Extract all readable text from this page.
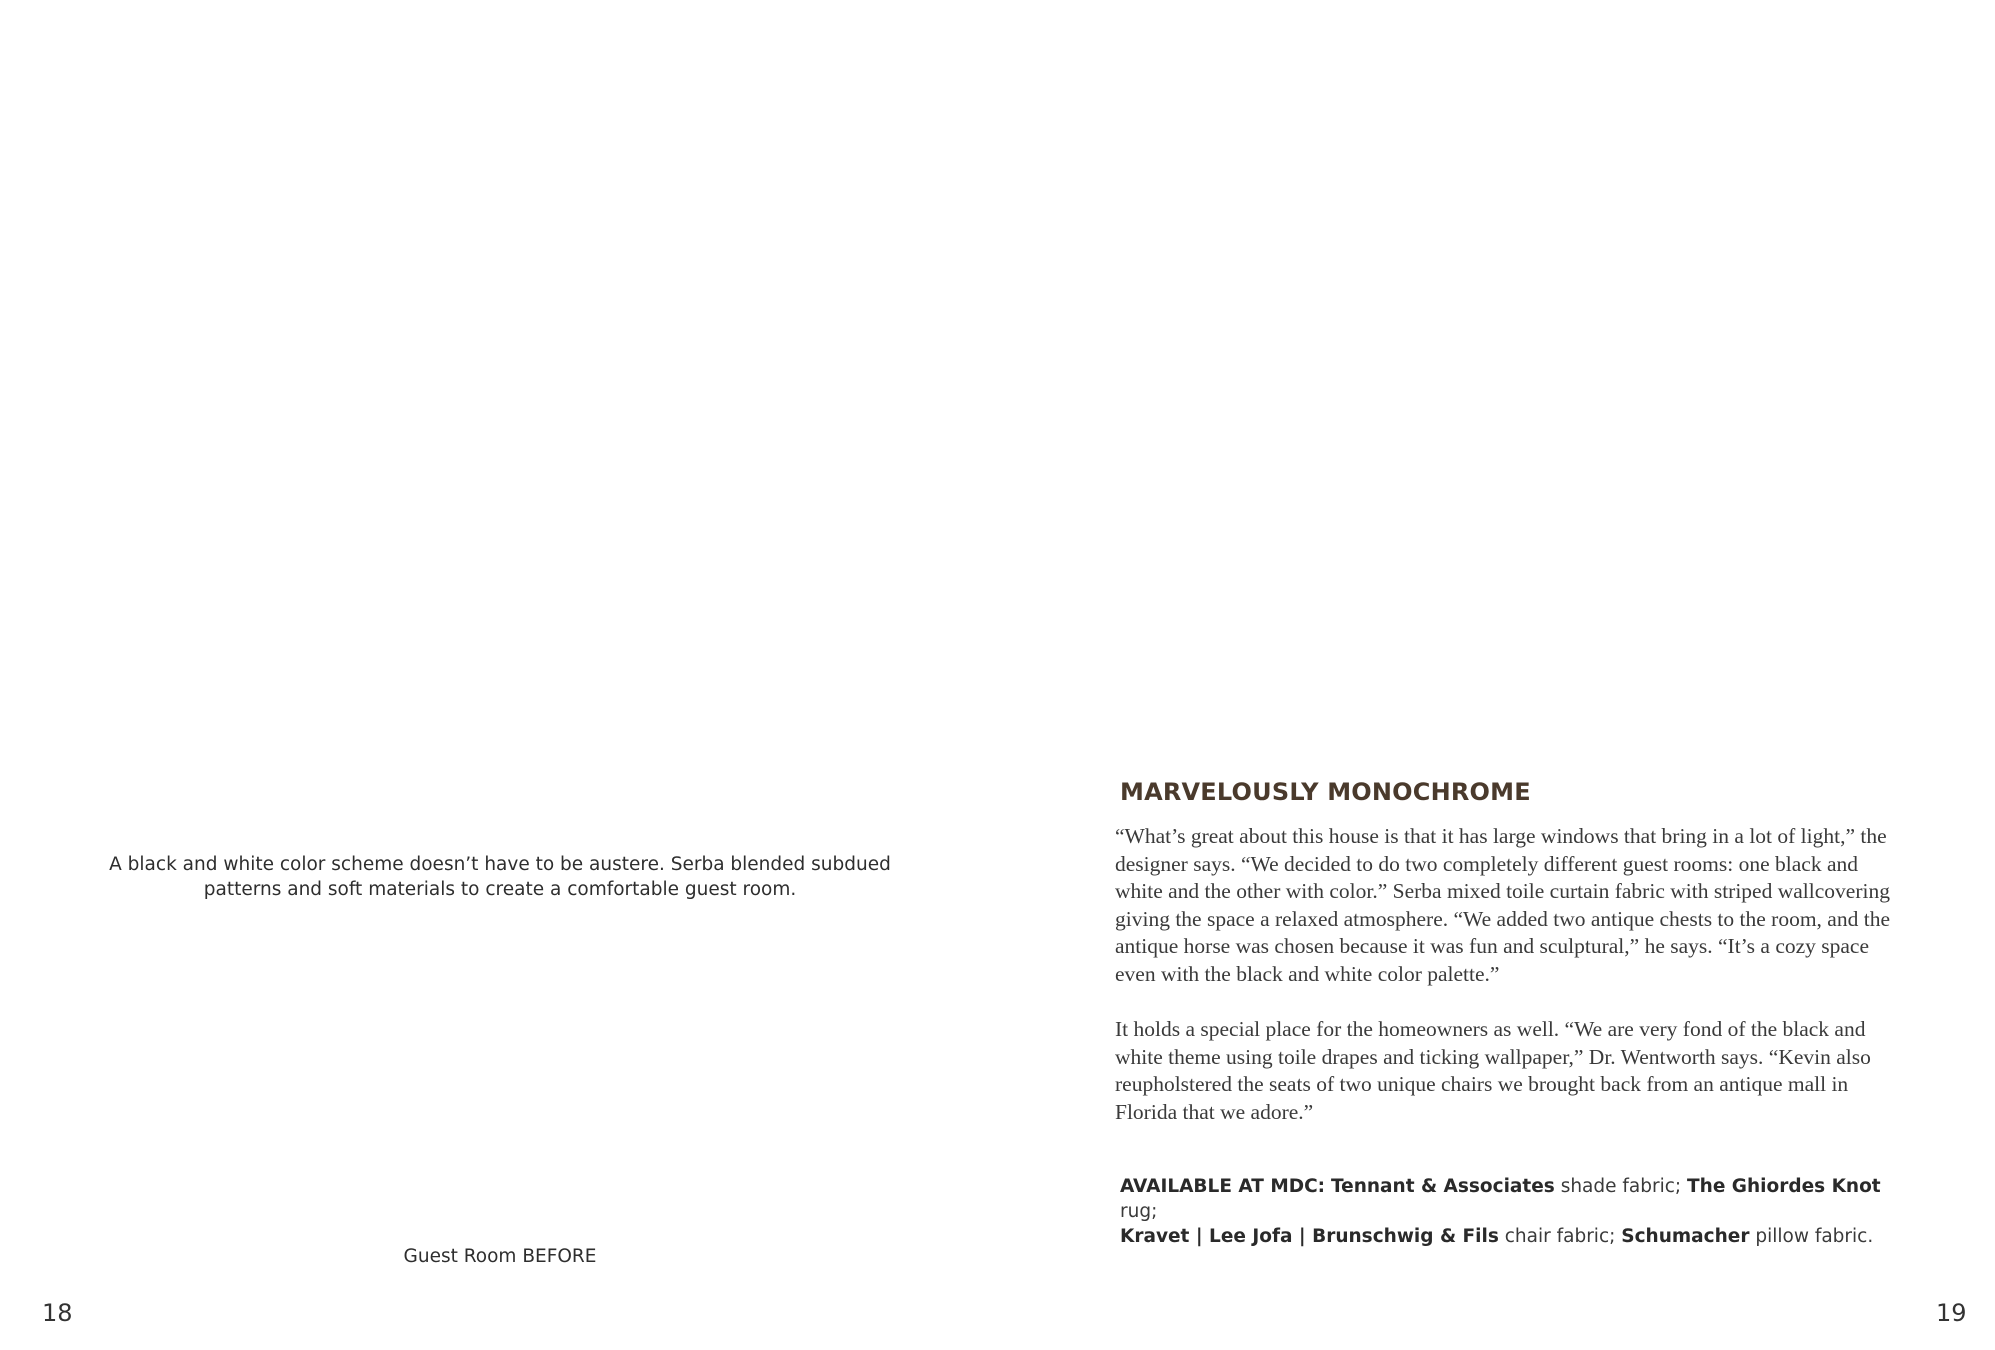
A black and white color scheme doesn’t have to be austere. Serba blended subdued patterns and soft materials to create a comfortable guest room.
Guest Room BEFORE
18
MARVELOUSLY MONOCHROME

“What’s great about this house is that it has large windows that bring in a lot of light,” the designer says. “We decided to do two completely different guest rooms: one black and white and the other with color.” Serba mixed toile curtain fabric with striped wallcovering giving the space a relaxed atmosphere. “We added two antique chests to the room, and the antique horse was chosen because it was fun and sculptural,” he says. “It’s a cozy space even with the black and white color palette.”

It holds a special place for the homeowners as well. “We are very fond of the black and white theme using toile drapes and ticking wallpaper,” Dr. Wentworth says. “Kevin also reupholstered the seats of two unique chairs we brought back from an antique mall in Florida that we adore.”

AVAILABLE AT MDC: Tennant & Associates shade fabric; The Ghiordes Knot rug;
Kravet | Lee Jofa | Brunschwig & Fils chair fabric; Schumacher pillow fabric.
19
